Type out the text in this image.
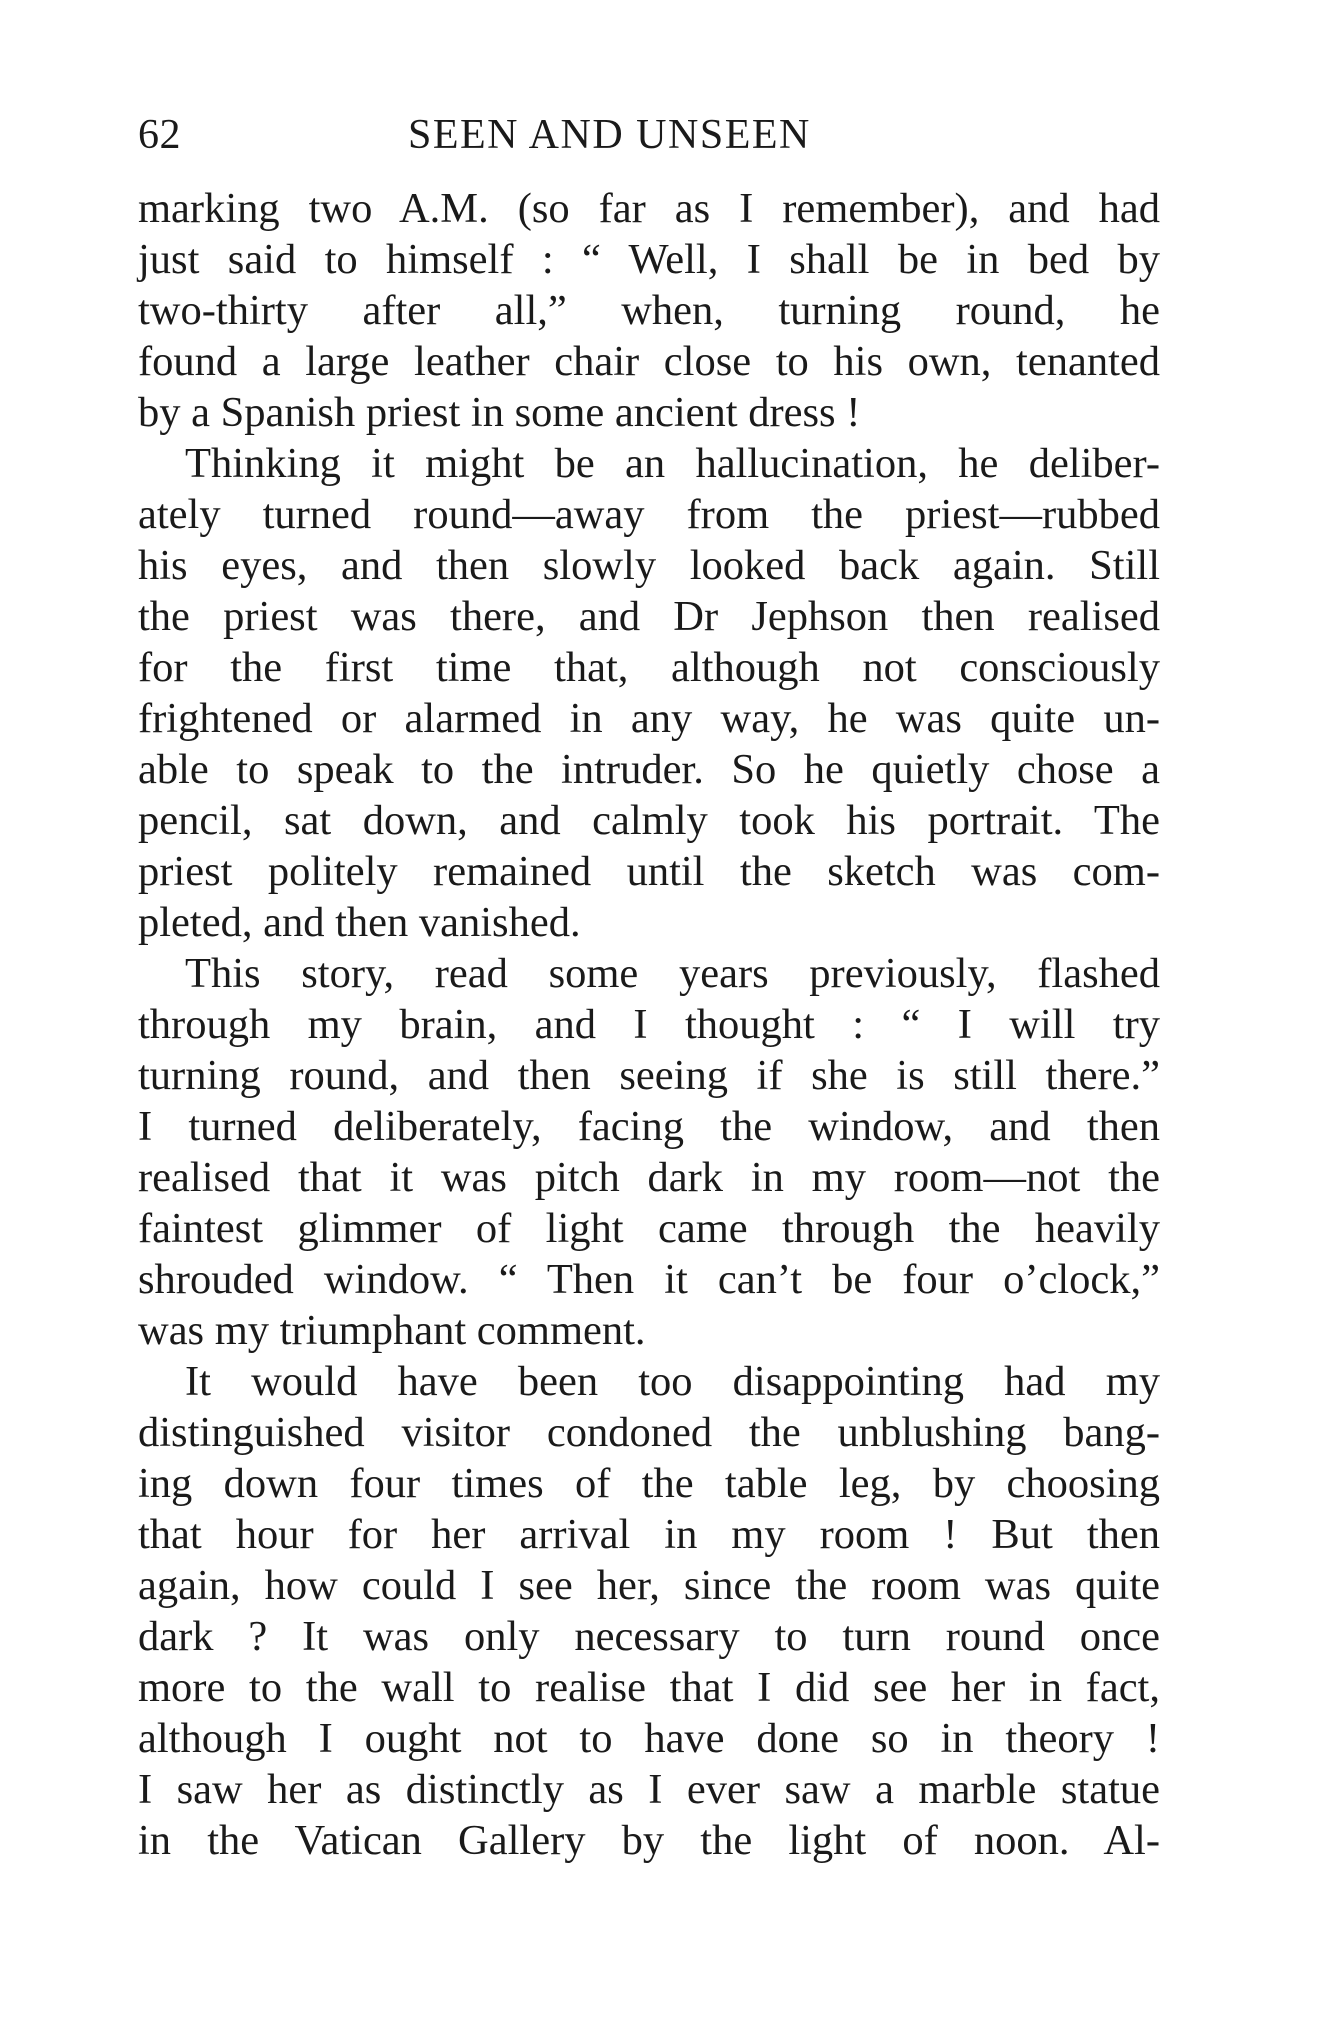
62	SEEN AND UNSEEN
marking two A.M. (so far as I remember), and had
just said to himself : “ Well, I shall be in bed by
two-thirty after all,” when, turning round, he
found a large leather chair close to his own, tenanted
by a Spanish priest in some ancient dress !
Thinking it might be an hallucination, he deliber-
ately turned round—away from the priest—rubbed
his eyes, and then slowly looked back again. Still
the priest was there, and Dr Jephson then realised
for the first time that, although not consciously
frightened or alarmed in any way, he was quite un-
able to speak to the intruder. So he quietly chose a
pencil, sat down, and calmly took his portrait. The
priest politely remained until the sketch was com-
pleted, and then vanished.
This story, read some years previously, flashed
through my brain, and I thought : “ I will try
turning round, and then seeing if she is still there.”
I turned deliberately, facing the window, and then
realised that it was pitch dark in my room—not the
faintest glimmer of light came through the heavily
shrouded window. “ Then it can’t be four o’clock,”
was my triumphant comment.
It would have been too disappointing had my
distinguished visitor condoned the unblushing bang-
ing down four times of the table leg, by choosing
that hour for her arrival in my room ! But then
again, how could I see her, since the room was quite
dark ? It was only necessary to turn round once
more to the wall to realise that I did see her in fact,
although I ought not to have done so in theory !
I saw her as distinctly as I ever saw a marble statue
in the Vatican Gallery by the light of noon. Al-
